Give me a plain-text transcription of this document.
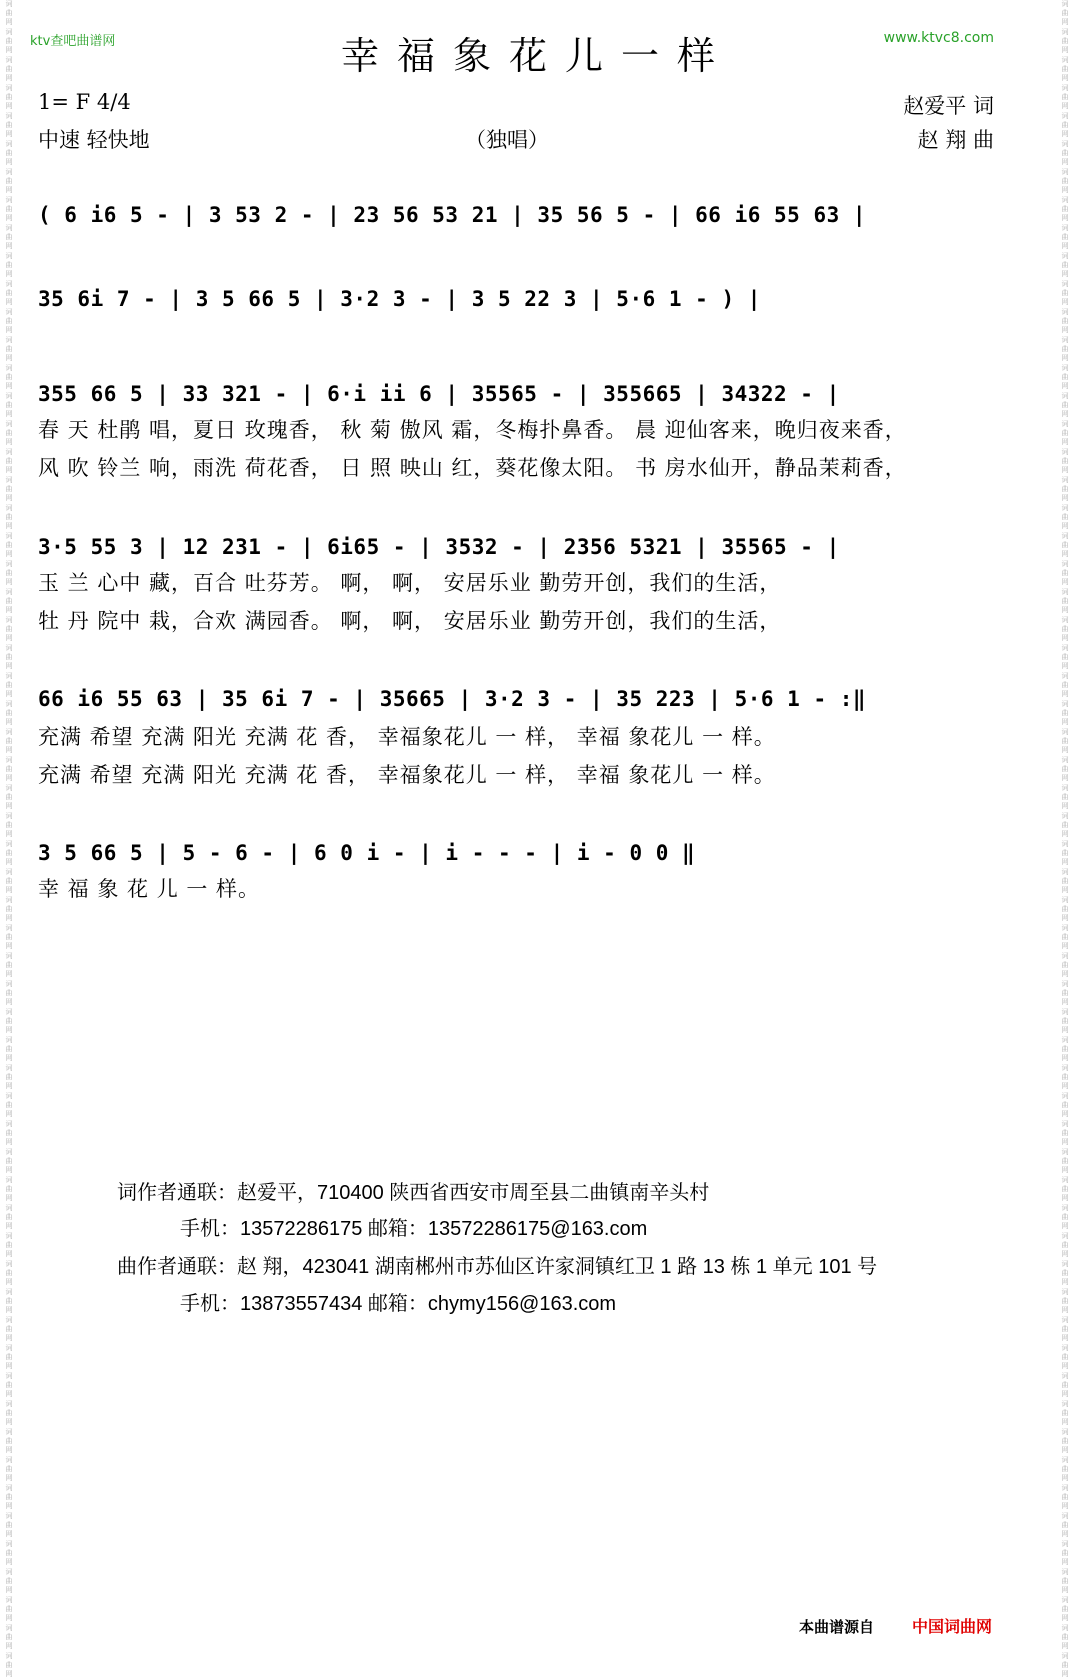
词
曲
网
词
曲
网
词
曲
网
词
曲
网
词
曲
网
词
曲
网
词
曲
网
词
曲
网
词
曲
网
词
曲
网
词
曲
网
词
曲
网
词
曲
网
词
曲
网
词
曲
网
词
曲
网
词
曲
网
词
曲
网
词
曲
网
词
曲
网
词
曲
网
词
曲
网
词
曲
网
词
曲
网
词
曲
网
词
曲
网
词
曲
网
词
曲
网
词
曲
网
词
曲
网
词
曲
网
词
曲
网
词
曲
网
词
曲
网
词
曲
网
词
曲
网
词
曲
网
词
曲
网
词
曲
网
词
曲
网
词
曲
网
词
曲
网
词
曲
网
词
曲
网
词
曲
网
词
曲
网
词
曲
网
词
曲
网
词
曲
网
词
曲
网
词
曲
网
词
曲
网
词
曲
网
词
曲
网
词
曲
网
词
曲
网
词
曲
网
词
曲
网
词
曲
网
词
曲
网
词
曲
网
词
曲
网
词
曲
网
词
曲
网
词
曲
网
词
曲
网
词
曲
网
词
曲
网
词
曲
网
词
曲
网
词
曲
网
词
曲
网
词
曲
网
词
曲
网
词
曲
网
词
曲
网
词
曲
网
词
曲
网
词
曲
网
词
曲
网
词
曲
网
词
曲
网
词
曲
网
词
曲
网
词
曲
网
词
曲
网
词
曲
网
词
曲
网
词
曲
网
词
曲
网
词
曲
网
词
曲
网
词
曲
网
词
曲
网
词
曲
网
词
曲
网
词
曲
网
词
曲
网
词
曲
网
词
曲
网
词
曲
网
词
曲
网
词
曲
网
词
曲
网
词
曲
网
词
曲
网
词
曲
网
词
曲
网
词
曲
网
词
曲
网
词
曲
网
词
曲
网
词
曲
网
词
曲
网
词
曲
网
词
曲
网
词
曲
网
词
曲
网
词
曲
网
词
曲
网
ktv查吧曲谱网	www.ktvc8.com
幸福象花儿一样
1= F 4/4
中速 轻快地	（独唱）
赵爱平 词
赵 翔 曲
( 6 i6 5 - | 3 53 2 - | 23 56 53 21 | 35 56 5 - | 66 i6 55 63 |
35 6i 7 - | 3 5 66 5 | 3·2 3 - | 3 5 22 3 | 5·6 1 - ) |
355 66 5 | 33 321 - | 6·i ii 6 | 35565 - | 355665 | 34322 - |
春 天 杜鹃 唱，夏日 玫瑰香， 秋 菊 傲风 霜，冬梅扑鼻香。 晨 迎仙客来，晚归夜来香，
风 吹 铃兰 响，雨洗 荷花香， 日 照 映山 红，葵花像太阳。 书 房水仙开，静品茉莉香，
3·5 55 3 | 12 231 - | 6i65 - | 3532 - | 2356 5321 | 35565 - |
玉 兰 心中 藏，百合 吐芬芳。 啊， 啊， 安居乐业 勤劳开创，我们的生活，
牡 丹 院中 栽，合欢 满园香。 啊， 啊， 安居乐业 勤劳开创，我们的生活，
66 i6 55 63 | 35 6i 7 - | 35665 | 3·2 3 - | 35 223 | 5·6 1 - :‖
充满 希望 充满 阳光 充满 花 香， 幸福象花儿 一 样， 幸福 象花儿 一 样。
充满 希望 充满 阳光 充满 花 香， 幸福象花儿 一 样， 幸福 象花儿 一 样。
3 5 66 5 | 5 - 6 - | 6 0 i - | i - - - | i - 0 0 ‖
幸 福 象 花 儿 一 样。
词作者通联：赵爱平，710400 陕西省西安市周至县二曲镇南辛头村
手机：13572286175 邮箱：13572286175@163.com
曲作者通联：赵 翔，423041 湖南郴州市苏仙区许家洞镇红卫 1 路 13 栋 1 单元 101 号
手机：13873557434 邮箱：chymy156@163.com
本曲谱源自 中国词曲网
